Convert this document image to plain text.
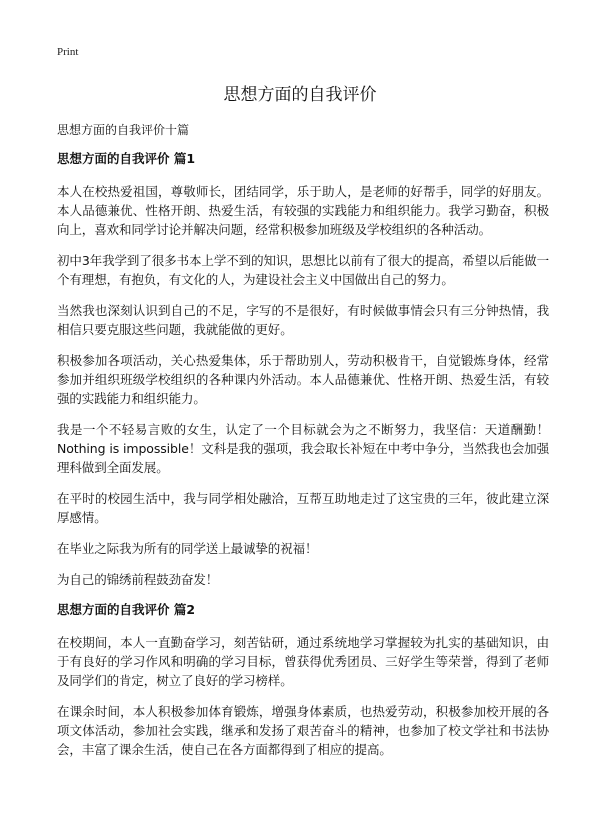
Print
思想方面的自我评价
思想方面的自我评价十篇
思想方面的自我评价 篇1

本人在校热爱祖国，尊敬师长，团结同学，乐于助人，是老师的好帮手，同学的好朋友。本人品德兼优、性格开朗、热爱生活，有较强的实践能力和组织能力。我学习勤奋，积极向上，喜欢和同学讨论并解决问题，经常积极参加班级及学校组织的各种活动。

初中3年我学到了很多书本上学不到的知识，思想比以前有了很大的提高，希望以后能做一个有理想，有抱负，有文化的人，为建设社会主义中国做出自己的努力。

当然我也深刻认识到自己的不足，字写的不是很好，有时候做事情会只有三分钟热情，我相信只要克服这些问题，我就能做的更好。

积极参加各项活动，关心热爱集体，乐于帮助别人，劳动积极肯干，自觉锻炼身体，经常参加并组织班级学校组织的各种课内外活动。本人品德兼优、性格开朗、热爱生活，有较强的实践能力和组织能力。

我是一个不轻易言败的女生，认定了一个目标就会为之不断努力，我坚信：天道酬勤！Nothing is impossible！文科是我的强项，我会取长补短在中考中争分，当然我也会加强理科做到全面发展。

在平时的校园生活中，我与同学相处融洽，互帮互助地走过了这宝贵的三年，彼此建立深厚感情。

在毕业之际我为所有的同学送上最诚挚的祝福！

为自己的锦绣前程鼓劲奋发！

思想方面的自我评价 篇2

在校期间，本人一直勤奋学习，刻苦钻研，通过系统地学习掌握较为扎实的基础知识，由于有良好的学习作风和明确的学习目标，曾获得优秀团员、三好学生等荣誉，得到了老师及同学们的肯定，树立了良好的学习榜样。

在课余时间，本人积极参加体育锻炼，增强身体素质，也热爱劳动，积极参加校开展的各项文体活动，参加社会实践，继承和发扬了艰苦奋斗的精神，也参加了校文学社和书法协会，丰富了课余生活，使自己在各方面都得到了相应的提高。
